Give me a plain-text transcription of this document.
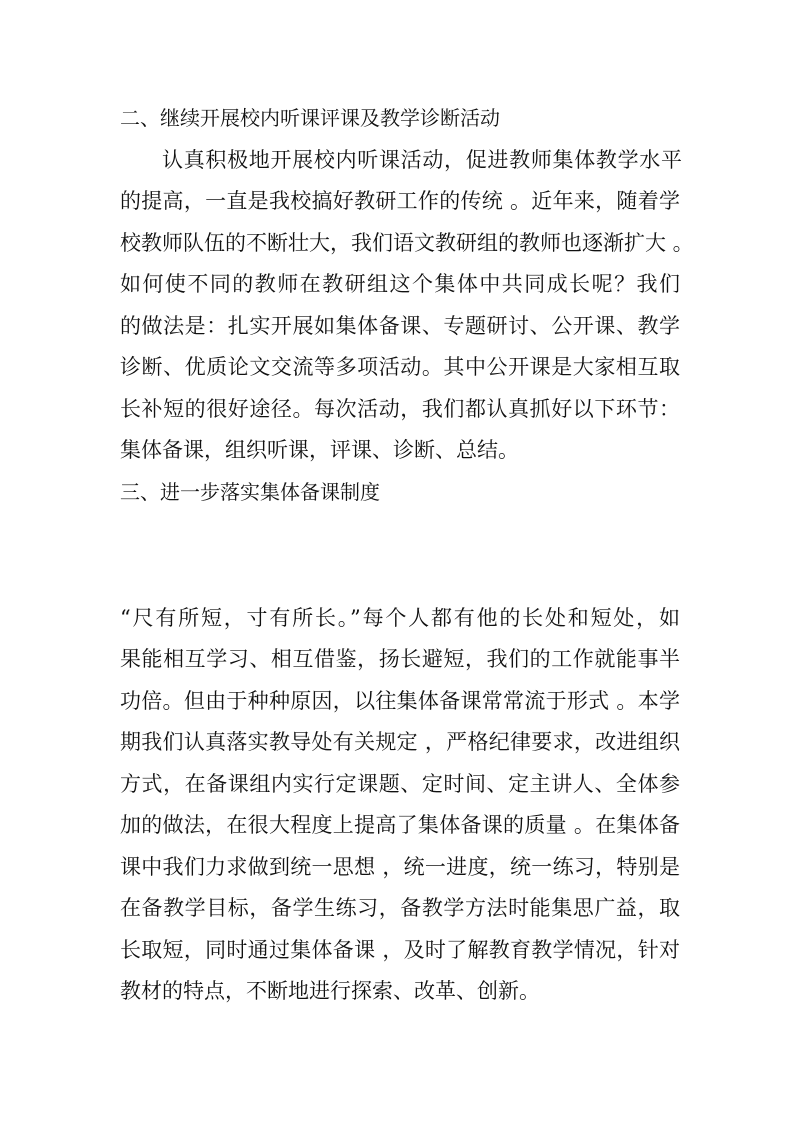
二、继续开展校内听课评课及教学诊断活动
认真积极地开展校内听课活动，促进教师集体教学水平
的提高，一直是我校搞好教研工作的传统 。近年来，随着学
校教师队伍的不断壮大，我们语文教研组的教师也逐渐扩大 。
如何使不同的教师在教研组这个集体中共同成长呢？我们
的做法是：扎实开展如集体备课、专题研讨、公开课、教学
诊断、优质论文交流等多项活动。其中公开课是大家相互取
长补短的很好途径。每次活动，我们都认真抓好以下环节：
集体备课，组织听课，评课、诊断、总结。
三、进一步落实集体备课制度
“尺有所短，寸有所长。”每个人都有他的长处和短处，如
果能相互学习、相互借鉴，扬长避短，我们的工作就能事半
功倍。但由于种种原因，以往集体备课常常流于形式 。本学
期我们认真落实教导处有关规定 ，严格纪律要求，改进组织
方式，在备课组内实行定课题、定时间、定主讲人、全体参
加的做法，在很大程度上提高了集体备课的质量 。在集体备
课中我们力求做到统一思想 ，统一进度，统一练习，特别是
在备教学目标，备学生练习，备教学方法时能集思广益，取
长取短，同时通过集体备课 ，及时了解教育教学情况，针对
教材的特点，不断地进行探索、改革、创新。
